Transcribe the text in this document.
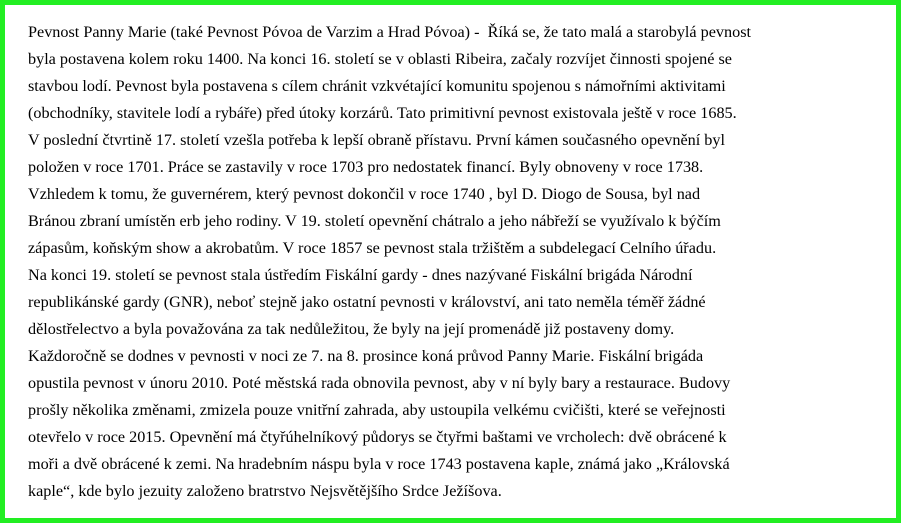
Pevnost Panny Marie (také Pevnost Póvoa de Varzim a Hrad Póvoa) -  Říká se, že tato malá a starobylá pevnost
byla postavena kolem roku 1400. Na konci 16. století se v oblasti Ribeira, začaly rozvíjet činnosti spojené se
stavbou lodí. Pevnost byla postavena s cílem chránit vzkvétající komunitu spojenou s námořními aktivitami
(obchodníky, stavitele lodí a rybáře) před útoky korzárů. Tato primitivní pevnost existovala ještě v roce 1685.
V poslední čtvrtině 17. století vzešla potřeba k lepší obraně přístavu. První kámen současného opevnění byl
položen v roce 1701. Práce se zastavily v roce 1703 pro nedostatek financí. Byly obnoveny v roce 1738.
Vzhledem k tomu, že guvernérem, který pevnost dokončil v roce 1740 , byl D. Diogo de Sousa, byl nad
Bránou zbraní umístěn erb jeho rodiny. V 19. století opevnění chátralo a jeho nábřeží se využívalo k býčím
zápasům, koňským show a akrobatům. V roce 1857 se pevnost stala tržištěm a subdelegací Celního úřadu.
Na konci 19. století se pevnost stala ústředím Fiskální gardy - dnes nazývané Fiskální brigáda Národní
republikánské gardy (GNR), neboť stejně jako ostatní pevnosti v království, ani tato neměla téměř žádné
dělostřelectvo a byla považována za tak nedůležitou, že byly na její promenádě již postaveny domy.
Každoročně se dodnes v pevnosti v noci ze 7. na 8. prosince koná průvod Panny Marie. Fiskální brigáda
opustila pevnost v únoru 2010. Poté městská rada obnovila pevnost, aby v ní byly bary a restaurace. Budovy
prošly několika změnami, zmizela pouze vnitřní zahrada, aby ustoupila velkému cvičišti, které se veřejnosti
otevřelo v roce 2015. Opevnění má čtyřúhelníkový půdorys se čtyřmi baštami ve vrcholech: dvě obrácené k
moři a dvě obrácené k zemi. Na hradebním náspu byla v roce 1743 postavena kaple, známá jako „Královská
kaple“, kde bylo jezuity založeno bratrstvo Nejsvětějšího Srdce Ježíšova.
